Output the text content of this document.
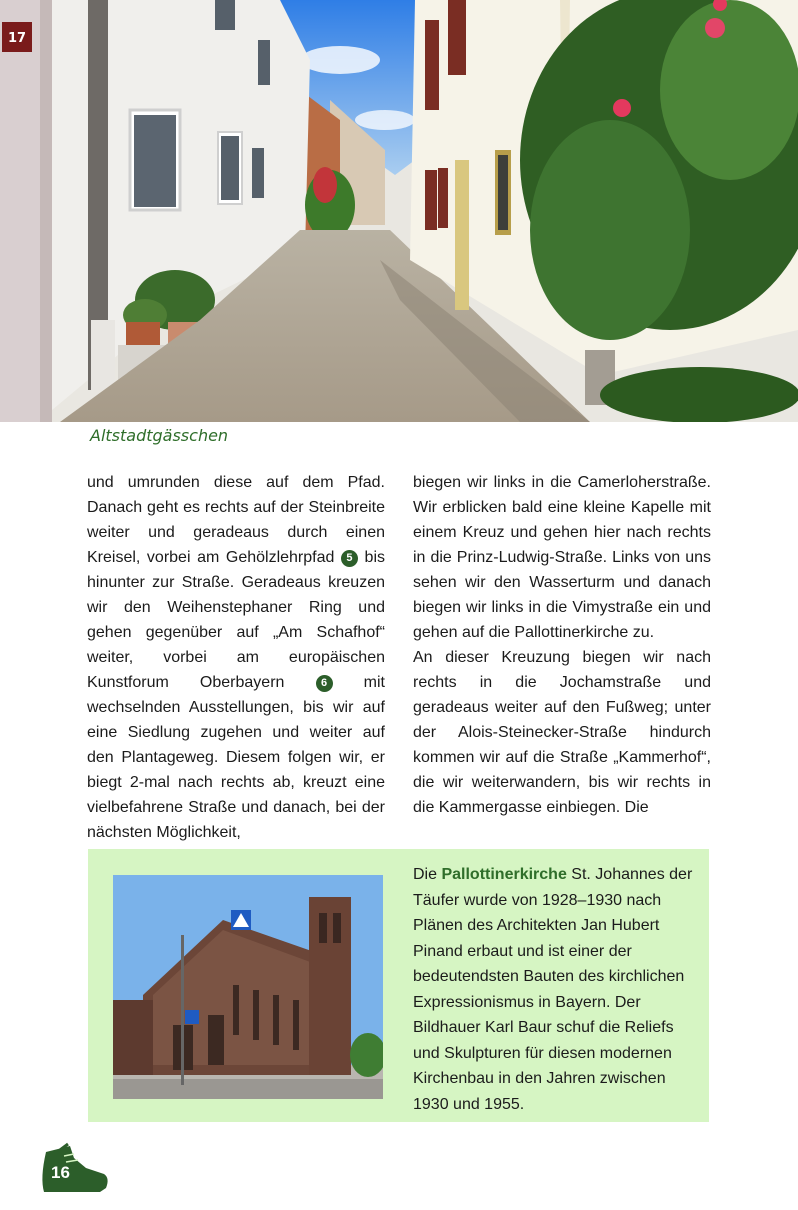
17
Altstadtgässchen

und umrunden diese auf dem Pfad. Danach geht es rechts auf der Steinbreite weiter und geradeaus durch einen Kreisel, vorbei am Gehölzlehrpfad 5 bis hinunter zur Straße. Geradeaus kreuzen wir den Weihenstephaner Ring und gehen gegenüber auf „Am Schafhof“ weiter, vorbei am europäischen Kunstforum Oberbayern	6 mit wechselnden Ausstellungen, bis wir auf eine Siedlung zugehen und weiter auf den Plantageweg. Diesem folgen wir, er biegt 2-mal nach rechts ab, kreuzt eine vielbefahrene Straße und danach, bei der nächsten Möglichkeit,

biegen wir links in die Camerloherstraße. Wir erblicken bald eine kleine Kapelle mit einem Kreuz und gehen hier nach rechts in die Prinz-Ludwig-Straße. Links von uns sehen wir den Wasserturm und danach biegen wir links in die Vimystraße ein und gehen auf die Pallottinerkirche zu.

An dieser Kreuzung biegen wir nach rechts in die Jochamstraße und geradeaus weiter auf den Fußweg; unter der Alois-Steinecker-Straße hindurch kommen wir auf die Straße „Kammerhof“, die wir weiterwandern, bis wir rechts in die Kammergasse einbiegen. Die

Die Pallottinerkirche St. Johannes der Täufer wurde von 1928–1930 nach Plänen des Architekten Jan Hubert Pinand erbaut und ist einer der bedeutendsten Bauten des kirchlichen Expressionismus in Bayern. Der Bildhauer Karl Baur schuf die Reliefs und Skulpturen für diesen modernen Kirchenbau in den Jahren zwischen 1930 und 1955.
16
